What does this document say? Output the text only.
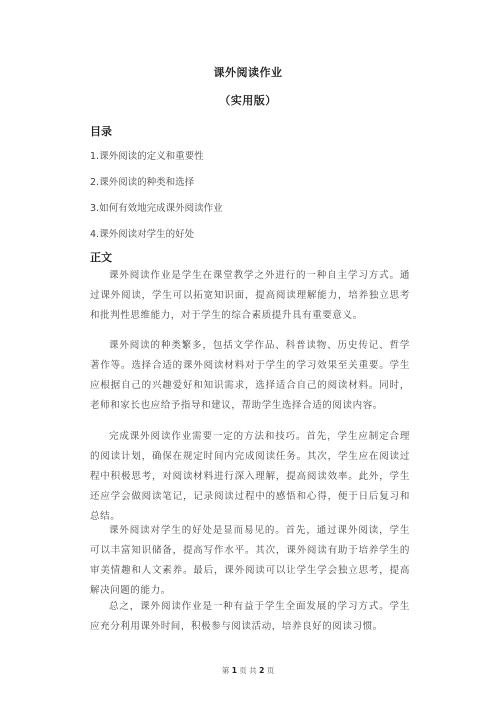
课外阅读作业
（实用版）
目录
1.课外阅读的定义和重要性
2.课外阅读的种类和选择
3.如何有效地完成课外阅读作业
4.课外阅读对学生的好处
正文
课外阅读作业是学生在课堂教学之外进行的一种自主学习方式。通过课外阅读，学生可以拓宽知识面，提高阅读理解能力，培养独立思考和批判性思维能力，对于学生的综合素质提升具有重要意义。
课外阅读的种类繁多，包括文学作品、科普读物、历史传记、哲学著作等。选择合适的课外阅读材料对于学生的学习效果至关重要。学生应根据自己的兴趣爱好和知识需求，选择适合自己的阅读材料。同时，老师和家长也应给予指导和建议，帮助学生选择合适的阅读内容。
完成课外阅读作业需要一定的方法和技巧。首先，学生应制定合理的阅读计划，确保在规定时间内完成阅读任务。其次，学生应在阅读过程中积极思考，对阅读材料进行深入理解，提高阅读效率。此外，学生还应学会做阅读笔记，记录阅读过程中的感悟和心得，便于日后复习和总结。
课外阅读对学生的好处是显而易见的。首先，通过课外阅读，学生可以丰富知识储备，提高写作水平。其次，课外阅读有助于培养学生的审美情趣和人文素养。最后，课外阅读可以让学生学会独立思考，提高解决问题的能力。
总之，课外阅读作业是一种有益于学生全面发展的学习方式。学生应充分利用课外时间，积极参与阅读活动，培养良好的阅读习惯。
第 1 页 共 2 页
